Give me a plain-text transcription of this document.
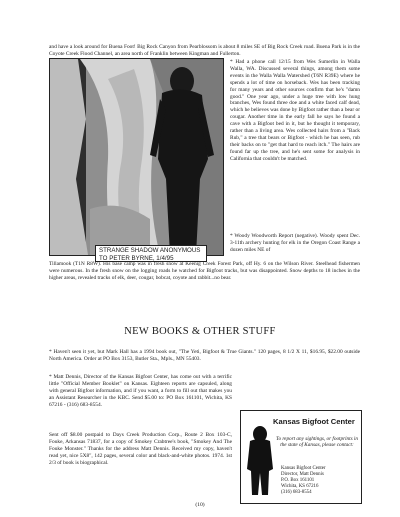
and have a look around for Buena Foot! Big Rock Canyon from Pearblossom is about 8 miles SE of Big Rock Creek road. Buena Park is in the Coyote Creek Flood Channel, an area north of Franklin between Kingman and Fullerton.

STRANGE SHADOW ANONYMOUS
TO PETER BYRNE, 1/4/95

* Had a phone call 12/15 from Wes Sumerlin in Walla Walla, WA. Discussed several things, among them some events in the Walla Walla Watershed (T6N R39E) where he spends a lot of time on horseback. Wes has been tracking for many years and other sources confirm that he's "damn good." One year ago, under a huge tree with low hung branches, Wes found three doe and a white faced calf dead, which he believes was done by Bigfoot rather than a bear or cougar. Another time in the early fall he says he found a cave with a Bigfoot bed in it, but he thought it temporary, rather than a living area. Wes collected hairs from a "Back Rub," a tree that bears or Bigfoot - which he has seen, rub their backs on to "get that hard to reach itch." The hairs are found far up the tree, and he's sent some for analysis in California that couldn't be matched.

* Woody Woodworth Report (negative). Woody spent Dec. 3-11th archery hunting for elk in the Oregon Coast Range a dozen miles NE of

Tillamook (T1N R8W). His base camp was in fresh snow at Keenig Creek Forest Park, off Hy. 6 on the Wilson River. Steelhead fishermen were numerous. In the fresh snow on the logging roads he watched for Bigfoot tracks, but was disappointed. Snow depths to 18 inches in the higher areas, revealed tracks of elk, deer, cougar, bobcat, coyote and rabbit...no bear.

NEW BOOKS & OTHER STUFF

* Haven't seen it yet, but Mark Hall has a 1994 book out, "The Yeti, Bigfoot & True Giants." 120 pages, 8 1/2 X 11, $16.95, $22.00 outside North America. Order at PO Box 3153, Butler Sta., Mpls., MN 55403.

* Matt Dennis, Director of the Kansas Bigfoot Center, has come out with a terrific little "Official Member Booklet" on Kansas. Eighteen reports are capsuled, along with general Bigfoot information, and if you want, a form to fill out that makes you an Assistant Researcher in the KBC. Send $5.00 to: PO Box 161101, Wichita, KS 67216 - (316) 683-8554.

Sent off $8.00 postpaid to Days Creek Production Corp., Route 2 Box 103-C, Fouke, Arkansas 71837, for a copy of Smokey Crabtree's book, "Smokey And The Fouke Monster." Thanks for the address Matt Dennis. Received my copy, haven't read yet, nice 5X8", 142 pages, several color and black-and-white photos. 1974. 1st 2/3 of book is biographical.

Kansas Bigfoot Center

To report any sightings, or footprints in the state of Kansas, please contact:

Kansas Bigfoot Center
Director, Matt Dennis
P.O. Box 161101
Wichita, KS 67216
(316) 683-8554

(10)
